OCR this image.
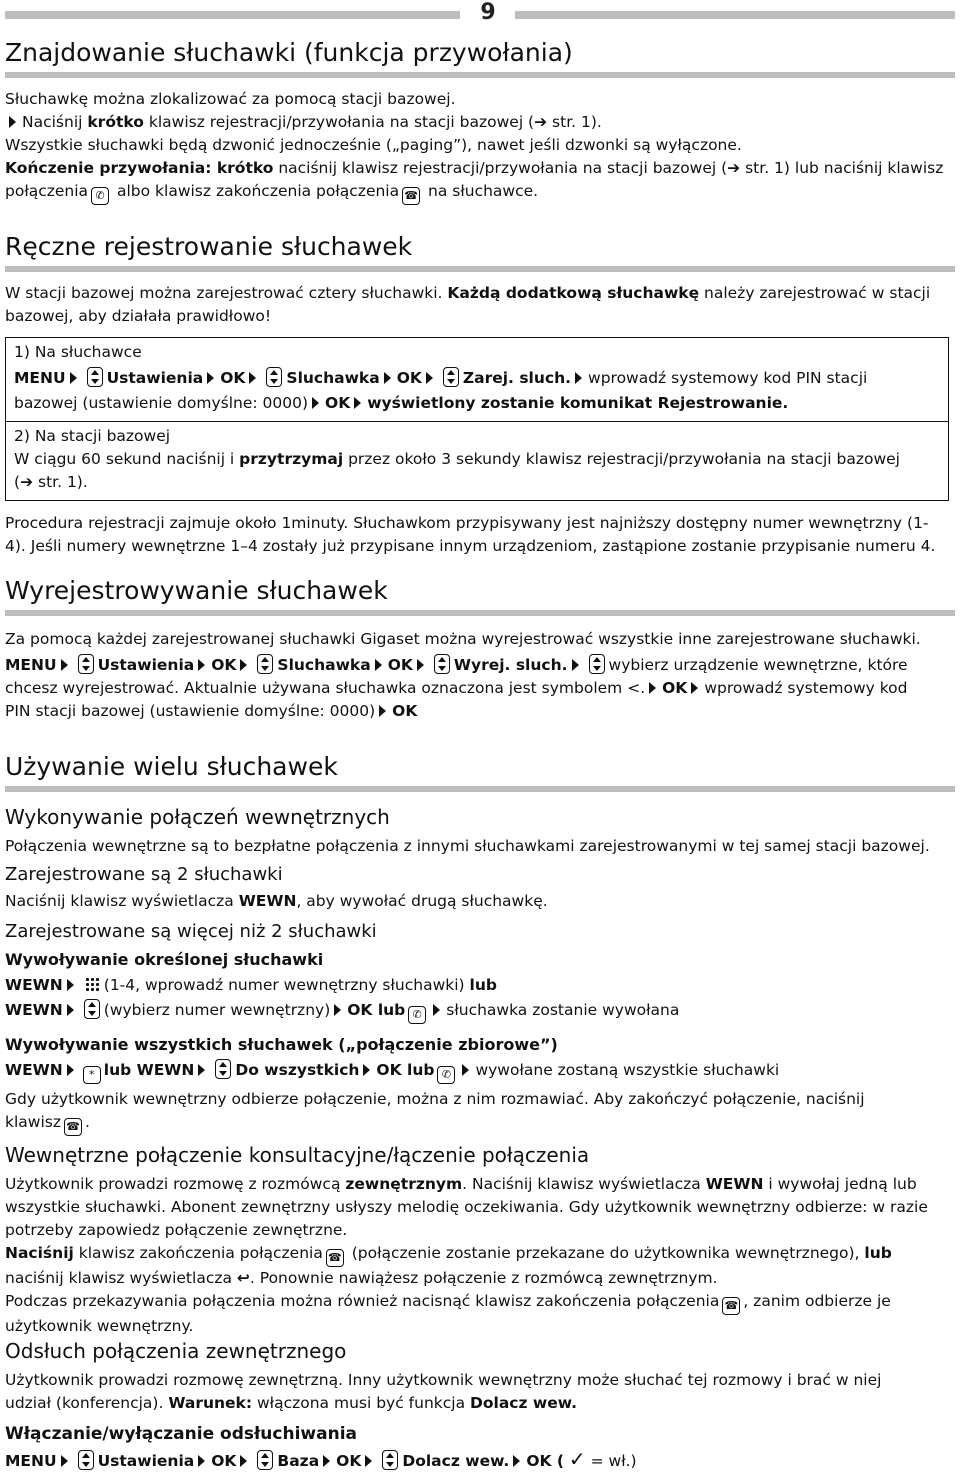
9
Znajdowanie słuchawki (funkcja przywołania)
Słuchawkę można zlokalizować za pomocą stacji bazowej.
Naciśnij krótko klawisz rejestracji/przywołania na stacji bazowej (➔ str. 1).
Wszystkie słuchawki będą dzwonić jednocześnie („paging”), nawet jeśli dzwonki są wyłączone.
Kończenie przywołania: krótko naciśnij klawisz rejestracji/przywołania na stacji bazowej (➔ str. 1) lub naciśnij klawisz
połączenia ✆ albo klawisz zakończenia połączenia ☎ na słuchawce.
Ręczne rejestrowanie słuchawek
W stacji bazowej można zarejestrować cztery słuchawki. Każdą dodatkową słuchawkę należy zarejestrować w stacji
bazowej, aby działała prawidłowo!
1) Na słuchawce
MENU	Ustawienia OK	Sluchawka OK	Zarej. sluch. wprowadź systemowy kod PIN stacji
bazowej (ustawienie domyślne: 0000) OK wyświetlony zostanie komunikat Rejestrowanie.
2) Na stacji bazowej
W ciągu 60 sekund naciśnij i przytrzymaj przez około 3 sekundy klawisz rejestracji/przywołania na stacji bazowej
(➔ str. 1).
Procedura rejestracji zajmuje około 1minuty. Słuchawkom przypisywany jest najniższy dostępny numer wewnętrzny (1-
4). Jeśli numery wewnętrzne 1–4 zostały już przypisane innym urządzeniom, zastąpione zostanie przypisanie numeru 4.
Wyrejestrowywanie słuchawek
Za pomocą każdej zarejestrowanej słuchawki Gigaset można wyrejestrować wszystkie inne zarejestrowane słuchawki.
MENU	Ustawienia OK	Sluchawka OK	Wyrej. sluch.	wybierz urządzenie wewnętrzne, które
chcesz wyrejestrować. Aktualnie używana słuchawka oznaczona jest symbolem <. OK wprowadź systemowy kod
PIN stacji bazowej (ustawienie domyślne: 0000) OK
Używanie wielu słuchawek
Wykonywanie połączeń wewnętrznych
Połączenia wewnętrzne są to bezpłatne połączenia z innymi słuchawkami zarejestrowanymi w tej samej stacji bazowej.
Zarejestrowane są 2 słuchawki
Naciśnij klawisz wyświetlacza WEWN, aby wywołać drugą słuchawkę.
Zarejestrowane są więcej niż 2 słuchawki
Wywoływanie określonej słuchawki
WEWN	(1-4, wprowadź numer wewnętrzny słuchawki) lub
WEWN	(wybierz numer wewnętrzny) OK lub ✆ słuchawka zostanie wywołana
Wywoływanie wszystkich słuchawek („połączenie zbiorowe”)
WEWN * lub WEWN	Do wszystkich OK lub ✆ wywołane zostaną wszystkie słuchawki
Gdy użytkownik wewnętrzny odbierze połączenie, można z nim rozmawiać. Aby zakończyć połączenie, naciśnij
klawisz ☎ .
Wewnętrzne połączenie konsultacyjne/łączenie połączenia
Użytkownik prowadzi rozmowę z rozmówcą zewnętrznym. Naciśnij klawisz wyświetlacza WEWN i wywołaj jedną lub
wszystkie słuchawki. Abonent zewnętrzny usłyszy melodię oczekiwania. Gdy użytkownik wewnętrzny odbierze: w razie
potrzeby zapowiedz połączenie zewnętrzne.
Naciśnij klawisz zakończenia połączenia ☎ (połączenie zostanie przekazane do użytkownika wewnętrznego), lub
naciśnij klawisz wyświetlacza ↩. Ponownie nawiążesz połączenie z rozmówcą zewnętrznym.
Podczas przekazywania połączenia można również nacisnąć klawisz zakończenia połączenia ☎ , zanim odbierze je
użytkownik wewnętrzny.
Odsłuch połączenia zewnętrznego
Użytkownik prowadzi rozmowę zewnętrzną. Inny użytkownik wewnętrzny może słuchać tej rozmowy i brać w niej
udział (konferencja). Warunek: włączona musi być funkcja Dolacz wew.
Włączanie/wyłączanie odsłuchiwania
MENU	Ustawienia OK	Baza OK	Dolacz wew. OK ( ✓ = wł.)
